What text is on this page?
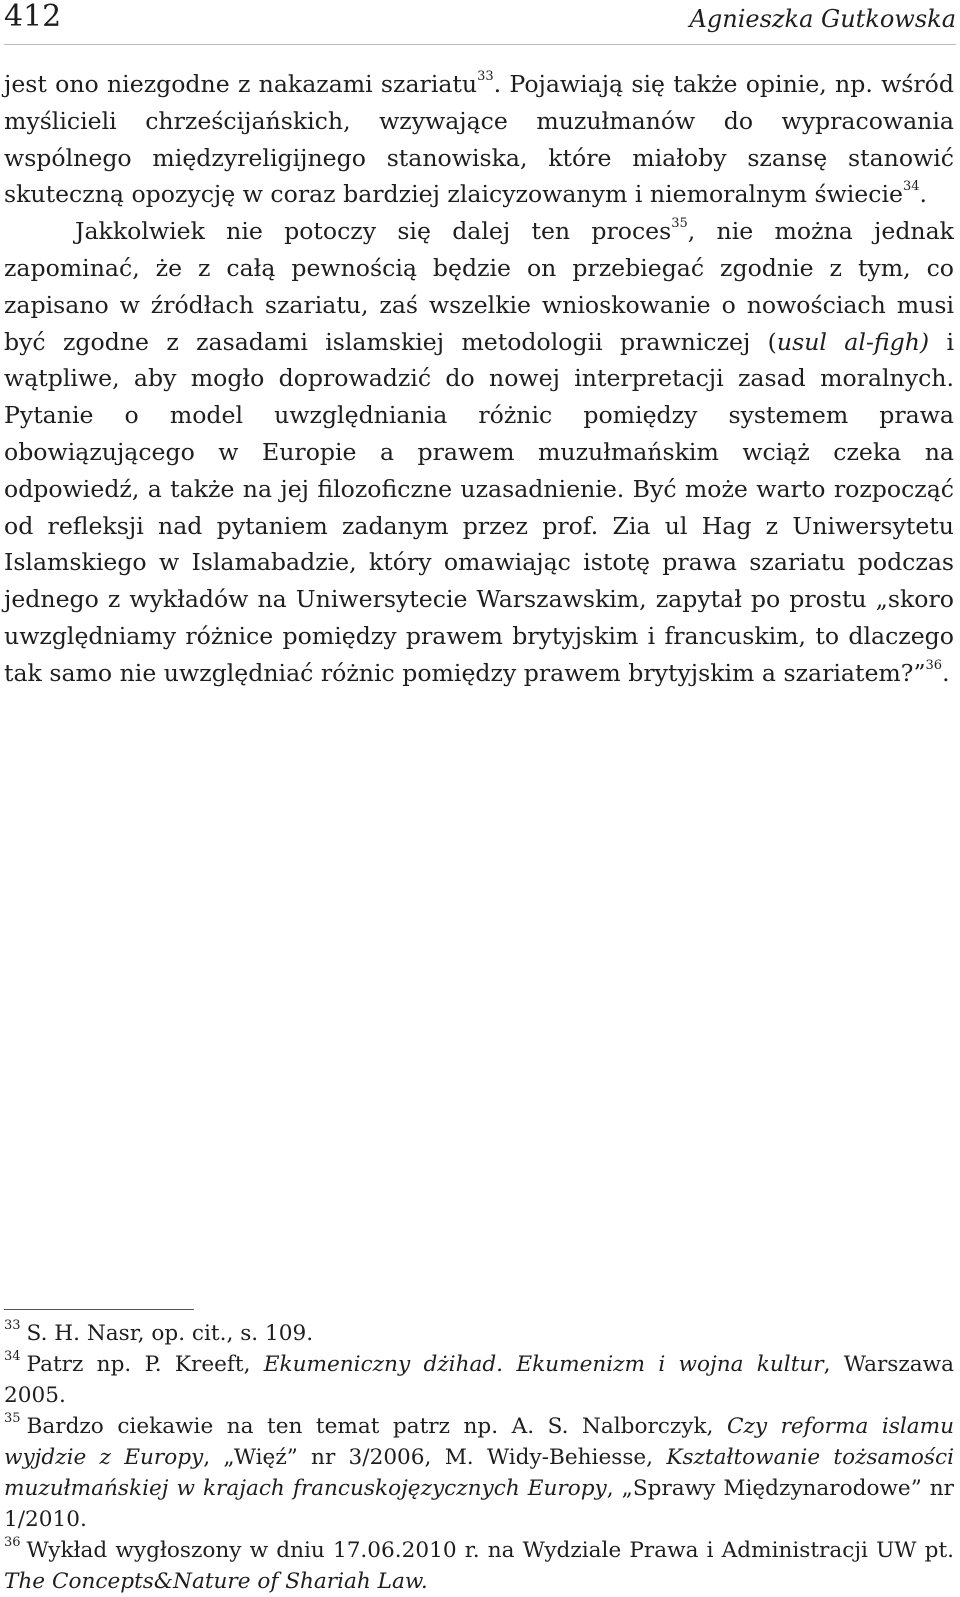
412	Agnieszka Gutkowska

jest ono niezgodne z nakazami szariatu$^{33}$. Pojawiają się także opinie, np. wśród myślicieli chrześcijańskich, wzywające muzułmanów do wypracowania wspólnego międzyreligijnego stanowiska, które miałoby szansę stanowić skuteczną opozycję w coraz bardziej zlaicyzowanym i niemoralnym świecie$^{34}$.

Jakkolwiek nie potoczy się dalej ten proces$^{35}$, nie można jednak zapominać, że z całą pewnością będzie on przebiegać zgodnie z tym, co zapisano w źródłach szariatu, zaś wszelkie wnioskowanie o nowościach musi być zgodne z zasadami islamskiej metodologii prawniczej (usul al-figh) i wątpliwe, aby mogło doprowadzić do nowej interpretacji zasad moralnych. Pytanie o model uwzględniania różnic pomiędzy systemem prawa obowiązującego w Europie a prawem muzułmańskim wciąż czeka na odpowiedź, a także na jej filozoficzne uzasadnienie. Być może warto rozpocząć od refleksji nad pytaniem zadanym przez prof. Zia ul Hag z Uniwersytetu Islamskiego w Islamabadzie, który omawiając istotę prawa szariatu podczas jednego z wykładów na Uniwersytecie Warszawskim, zapytał po prostu „skoro uwzględniamy różnice pomiędzy prawem brytyjskim i francuskim, to dlaczego tak samo nie uwzględniać różnic pomiędzy prawem brytyjskim a szariatem?”$^{36}$.

$^{33}$ S. H. Nasr, op. cit., s. 109.

$^{34}$ Patrz np. P. Kreeft, Ekumeniczny dżihad. Ekumenizm i wojna kultur, Warszawa 2005.

$^{35}$ Bardzo ciekawie na ten temat patrz np. A. S. Nalborczyk, Czy reforma islamu wyjdzie z Europy, „Więź” nr 3/2006, M. Widy-Behiesse, Kształtowanie tożsamości muzułmańskiej w krajach francuskojęzycznych Europy, „Sprawy Międzynarodowe” nr 1/2010.

$^{36}$ Wykład wygłoszony w dniu 17.06.2010 r. na Wydziale Prawa i Administracji UW pt. The Concepts&Nature of Shariah Law.
